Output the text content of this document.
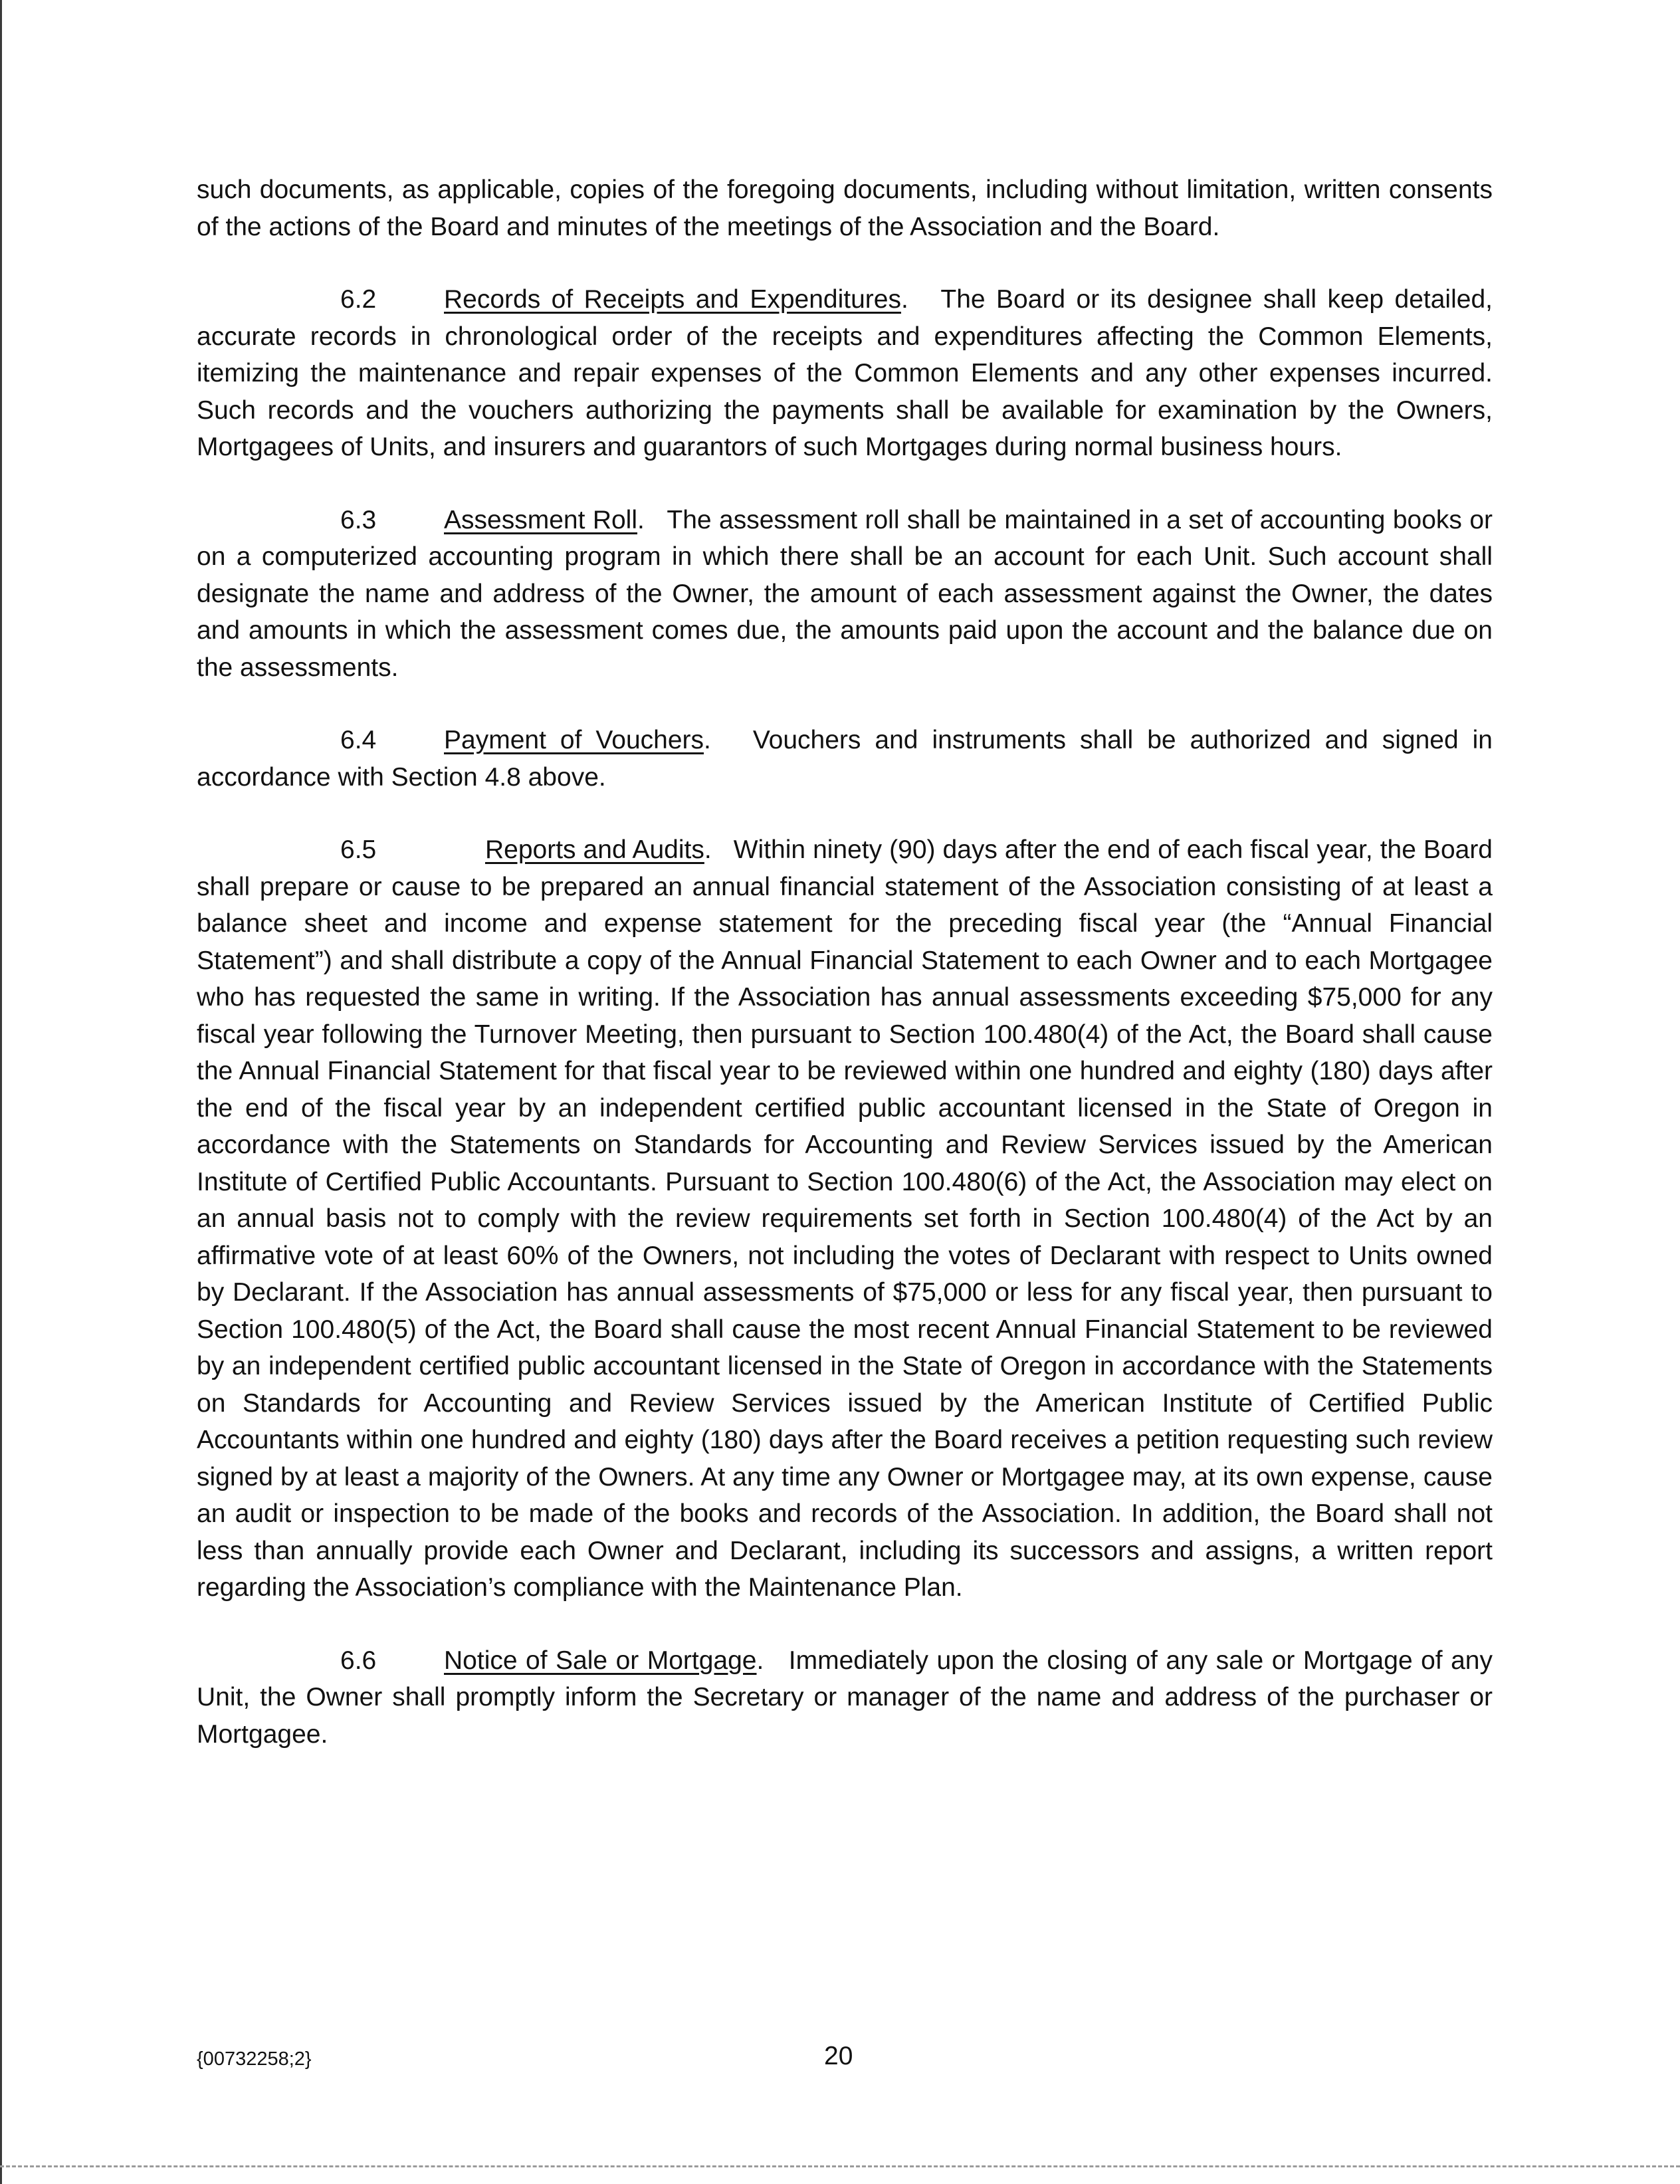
such documents, as applicable, copies of the foregoing documents, including without limitation, written consents of the actions of the Board and minutes of the meetings of the Association and the Board.

6.2	Records of Receipts and Expenditures.   The Board or its designee shall keep detailed, accurate records in chronological order of the receipts and expenditures affecting the Common Elements, itemizing the maintenance and repair expenses of the Common Elements and any other expenses incurred. Such records and the vouchers authorizing the payments shall be available for examination by the Owners, Mortgagees of Units, and insurers and guarantors of such Mortgages during normal business hours.

6.3	Assessment Roll.   The assessment roll shall be maintained in a set of accounting books or on a computerized accounting program in which there shall be an account for each Unit. Such account shall designate the name and address of the Owner, the amount of each assessment against the Owner, the dates and amounts in which the assessment comes due, the amounts paid upon the account and the balance due on the assessments.

6.4	Payment of Vouchers.   Vouchers and instruments shall be authorized and signed in accordance with Section 4.8 above.

6.5	Reports and Audits.   Within ninety (90) days after the end of each fiscal year, the Board shall prepare or cause to be prepared an annual financial statement of the Association consisting of at least a balance sheet and income and expense statement for the preceding fiscal year (the “Annual Financial Statement”) and shall distribute a copy of the Annual Financial Statement to each Owner and to each Mortgagee who has requested the same in writing. If the Association has annual assessments exceeding $75,000 for any fiscal year following the Turnover Meeting, then pursuant to Section 100.480(4) of the Act, the Board shall cause the Annual Financial Statement for that fiscal year to be reviewed within one hundred and eighty (180) days after the end of the fiscal year by an independent certified public accountant licensed in the State of Oregon in accordance with the Statements on Standards for Accounting and Review Services issued by the American Institute of Certified Public Accountants. Pursuant to Section 100.480(6) of the Act, the Association may elect on an annual basis not to comply with the review requirements set forth in Section 100.480(4) of the Act by an affirmative vote of at least 60% of the Owners, not including the votes of Declarant with respect to Units owned by Declarant. If the Association has annual assessments of $75,000 or less for any fiscal year, then pursuant to Section 100.480(5) of the Act, the Board shall cause the most recent Annual Financial Statement to be reviewed by an independent certified public accountant licensed in the State of Oregon in accordance with the Statements on Standards for Accounting and Review Services issued by the American Institute of Certified Public Accountants within one hundred and eighty (180) days after the Board receives a petition requesting such review signed by at least a majority of the Owners. At any time any Owner or Mortgagee may, at its own expense, cause an audit or inspection to be made of the books and records of the Association. In addition, the Board shall not less than annually provide each Owner and Declarant, including its successors and assigns, a written report regarding the Association’s compliance with the Maintenance Plan.

6.6	Notice of Sale or Mortgage.   Immediately upon the closing of any sale or Mortgage of any Unit, the Owner shall promptly inform the Secretary or manager of the name and address of the purchaser or Mortgagee.

{00732258;2}	20
